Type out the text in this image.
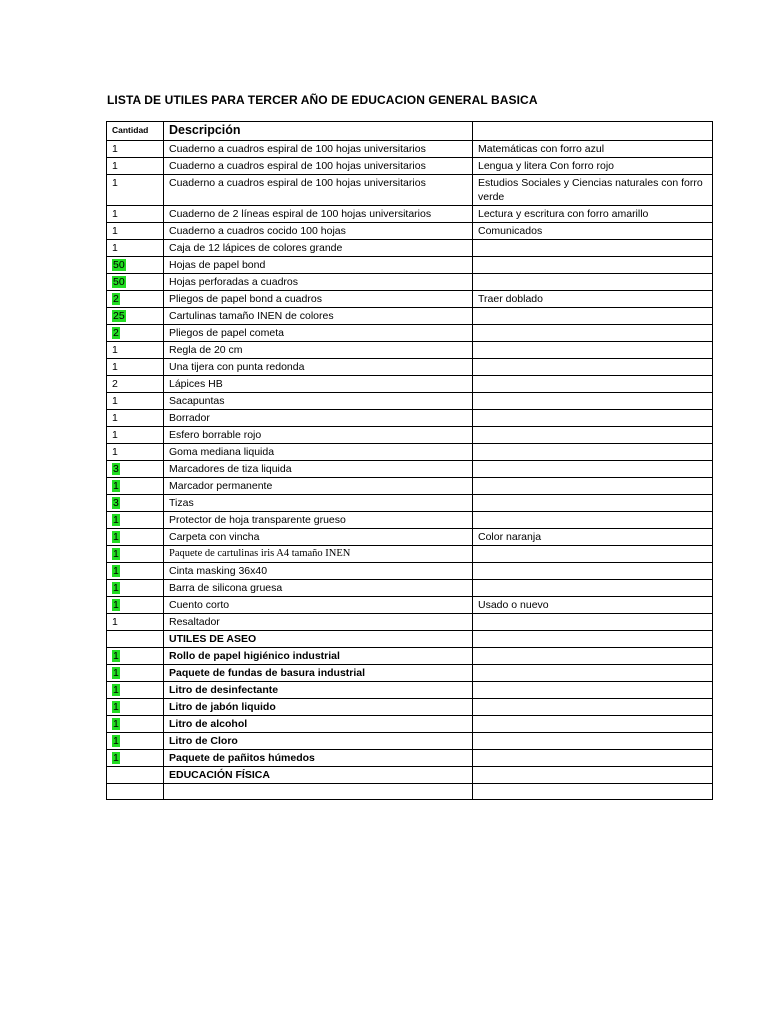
LISTA DE UTILES PARA TERCER AÑO DE EDUCACION GENERAL BASICA
Cantidad	Descripción	
1	Cuaderno a cuadros espiral de 100 hojas universitarios	Matemáticas con forro azul
1	Cuaderno a cuadros espiral de 100 hojas universitarios	Lengua y litera Con forro rojo
1	Cuaderno a cuadros espiral de 100 hojas universitarios	Estudios Sociales y Ciencias naturales con forro verde
1	Cuaderno de 2 líneas espiral de 100 hojas universitarios	Lectura y escritura con forro amarillo
1	Cuaderno a cuadros cocido 100 hojas	Comunicados
1	Caja de 12 lápices de colores grande	
50	Hojas de papel bond	
50	Hojas perforadas a cuadros	
2	Pliegos de papel bond a cuadros	Traer doblado
25	Cartulinas tamaño INEN de colores	
2	Pliegos de papel cometa	
1	Regla de 20 cm	
1	Una tijera con punta redonda	
2	Lápices HB	
1	Sacapuntas	
1	Borrador	
1	Esfero borrable rojo	
1	Goma mediana liquida	
3	Marcadores de tiza liquida	
1	Marcador permanente	
3	Tizas	
1	Protector de hoja transparente grueso	
1	Carpeta con vincha	Color naranja
1	Paquete de cartulinas iris A4 tamaño INEN	
1	Cinta masking 36x40	
1	Barra de silicona gruesa	
1	Cuento corto	Usado o nuevo
1	Resaltador	
	UTILES DE ASEO	
1	Rollo de papel higiénico industrial	
1	Paquete de fundas de basura industrial	
1	Litro de desinfectante	
1	Litro de jabón liquido	
1	Litro de alcohol	
1	Litro de Cloro	
1	Paquete de pañitos húmedos	
	EDUCACIÓN FÍSICA	
